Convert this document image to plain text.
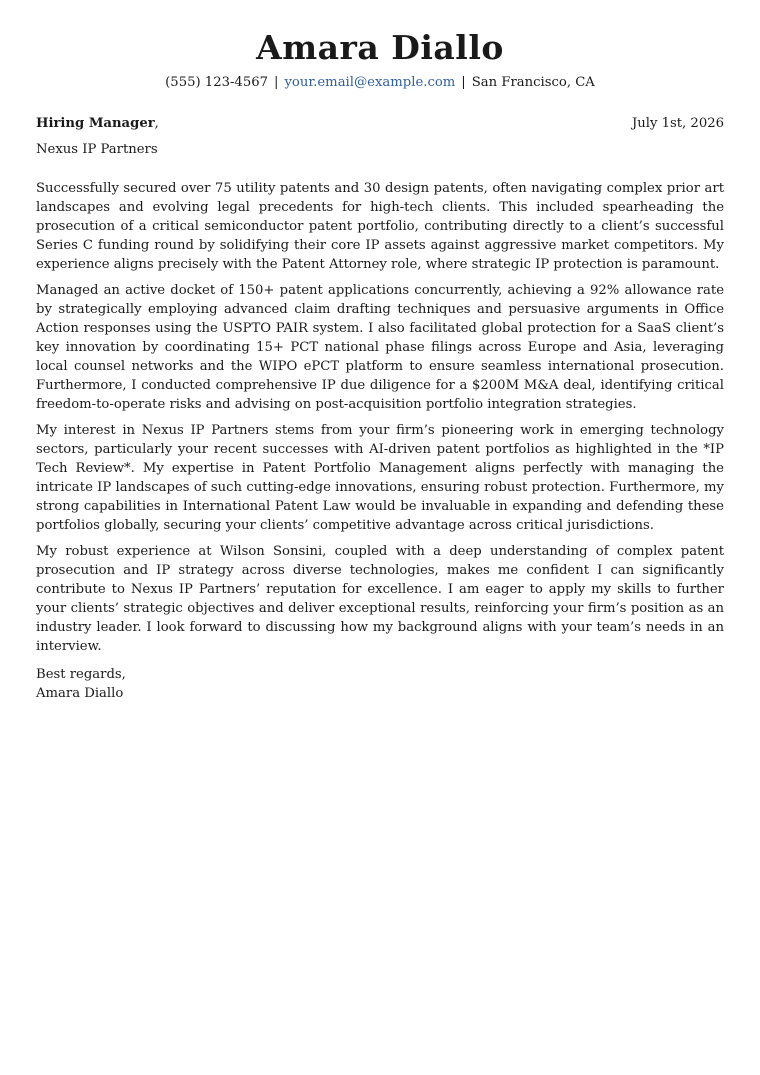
Amara Diallo
(555) 123-4567 | your.email@example.com | San Francisco, CA
Hiring Manager,	July 1st, 2026
Nexus IP Partners

Successfully secured over 75 utility patents and 30 design patents, often navigating complex prior art landscapes and evolving legal precedents for high-tech clients. This included spearheading the prosecution of a critical semiconductor patent portfolio, contributing directly to a client’s successful Series C funding round by solidifying their core IP assets against aggressive market competitors. My experience aligns precisely with the Patent Attorney role, where strategic IP protection is paramount.

Managed an active docket of 150+ patent applications concurrently, achieving a 92% allowance rate by strategically employing advanced claim drafting techniques and persuasive arguments in Office Action responses using the USPTO PAIR system. I also facilitated global protection for a SaaS client’s key innovation by coordinating 15+ PCT national phase filings across Europe and Asia, leveraging local counsel networks and the WIPO ePCT platform to ensure seamless international prosecution. Furthermore, I conducted comprehensive IP due diligence for a $200M M&A deal, identifying critical freedom-to-operate risks and advising on post-acquisition portfolio integration strategies.

My interest in Nexus IP Partners stems from your firm’s pioneering work in emerging technology sectors, particularly your recent successes with AI-driven patent portfolios as highlighted in the *IP Tech Review*. My expertise in Patent Portfolio Management aligns perfectly with managing the intricate IP landscapes of such cutting-edge innovations, ensuring robust protection. Furthermore, my strong capabilities in International Patent Law would be invaluable in expanding and defending these portfolios globally, securing your clients’ competitive advantage across critical jurisdictions.

My robust experience at Wilson Sonsini, coupled with a deep understanding of complex patent prosecution and IP strategy across diverse technologies, makes me confident I can significantly contribute to Nexus IP Partners’ reputation for excellence. I am eager to apply my skills to further your clients’ strategic objectives and deliver exceptional results, reinforcing your firm’s position as an industry leader. I look forward to discussing how my background aligns with your team’s needs in an interview.

Best regards,
Amara Diallo
